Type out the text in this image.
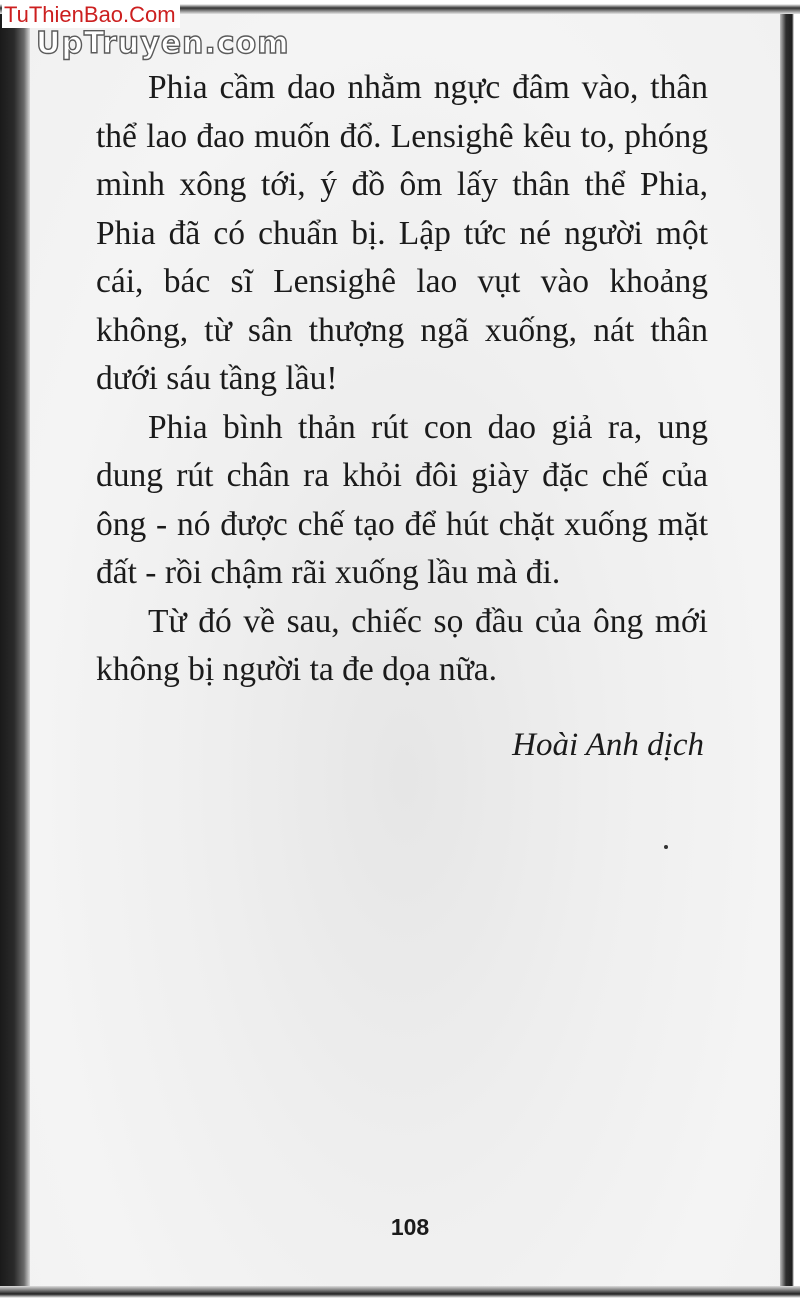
TuThienBao.Com
UpTruyen.com

Phia cầm dao nhằm ngực đâm vào, thân thể lao đao muốn đổ. Lensighê kêu to, phóng mình xông tới, ý đồ ôm lấy thân thể Phia, Phia đã có chuẩn bị. Lập tức né người một cái, bác sĩ Lensighê lao vụt vào khoảng không, từ sân thượng ngã xuống, nát thân dưới sáu tầng lầu!

Phia bình thản rút con dao giả ra, ung dung rút chân ra khỏi đôi giày đặc chế của ông - nó được chế tạo để hút chặt xuống mặt đất - rồi chậm rãi xuống lầu mà đi.

Từ đó về sau, chiếc sọ đầu của ông mới không bị người ta đe dọa nữa.

Hoài Anh dịch
108
